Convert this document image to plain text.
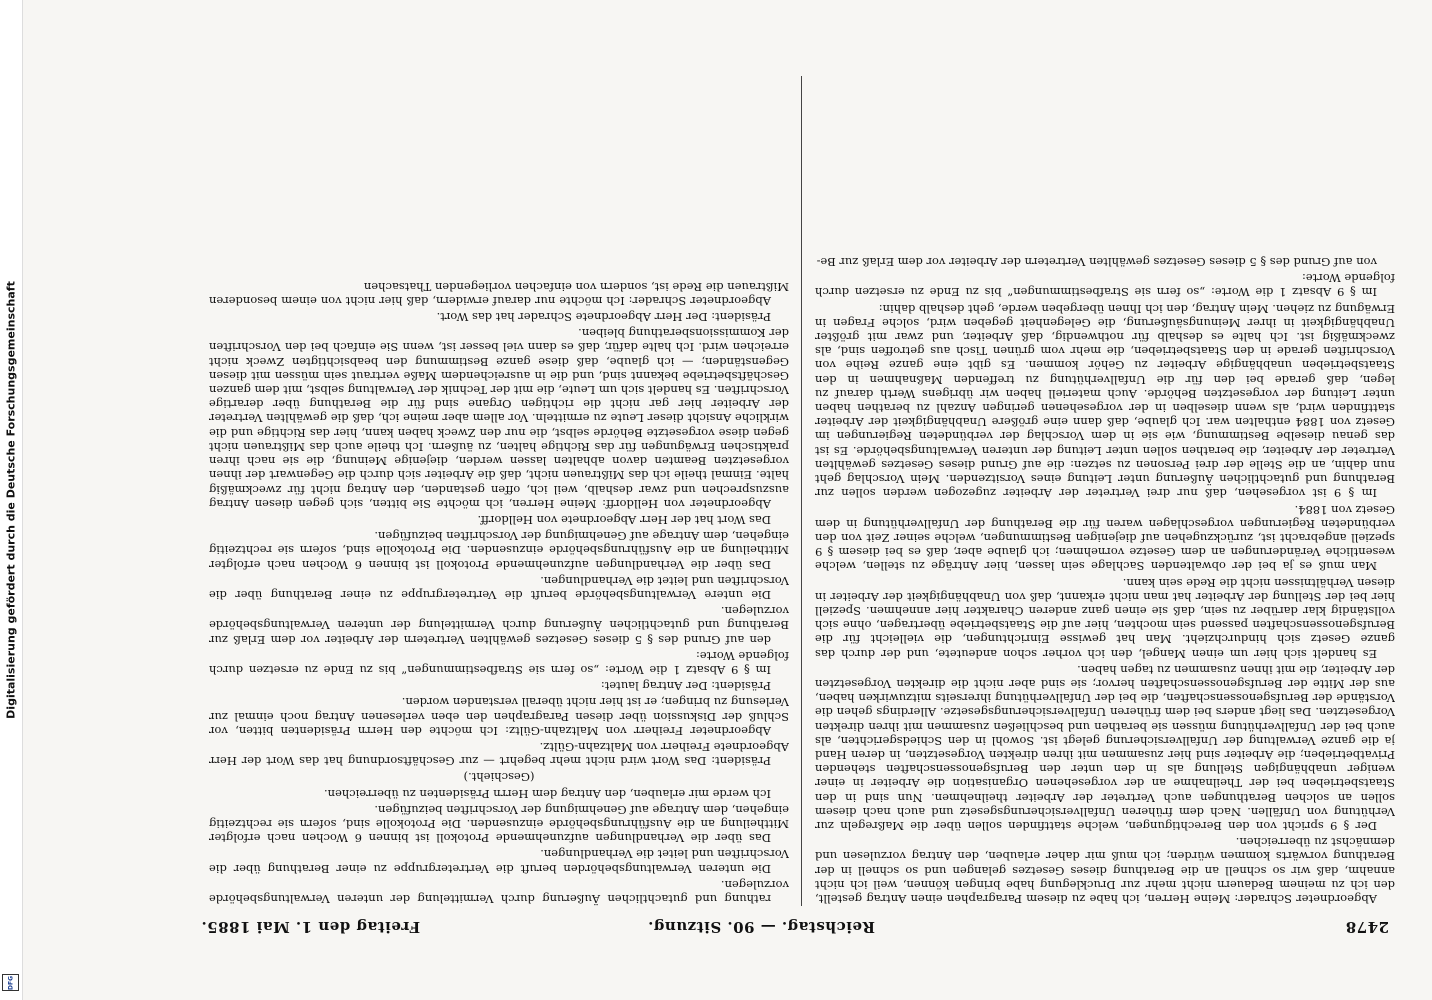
Digitalisierung gefördert durch die Deutsche Forschungsgemeinschaft
DFG
2478
Reichstag. — 90. Sitzung.
Freitag den 1. Mai 1885.

Abgeordneter Schrader: Meine Herren, ich habe zu diesem Paragraphen einen Antrag gestellt, den ich zu meinem Bedauern nicht mehr zur Drucklegung habe bringen können, weil ich nicht annahm, daß wir so schnell an die Berathung dieses Gesetzes gelangen und so schnell in der Berathung vorwärts kommen würden; ich muß mir daher erlauben, den Antrag vorzulesen und demnächst zu überreichen.

Der § 9 spricht von den Berechtigungen, welche stattfinden sollen über die Maßregeln zur Verhütung von Unfällen. Nach dem früheren Unfallversicherungsgesetz und auch nach diesem sollen an solchen Berathungen auch Vertreter der Arbeiter theilnehmen. Nun sind in den Staatsbetrieben bei der Theilnahme an der vorgesehenen Organisation die Arbeiter in einer weniger unabhängigen Stellung als in den unter den Berufsgenossenschaften stehenden Privatbetrieben; die Arbeiter sind hier zusammen mit ihren direkten Vorgesetzten, in deren Hand ja die ganze Verwaltung der Unfallversicherung gelegt ist. Sowohl in den Schiedsgerichten, als auch bei der Unfallverhütung müssen sie berathen und beschließen zusammen mit ihren direkten Vorgesetzten. Das liegt anders bei dem früheren Unfallversicherungsgesetze. Allerdings gehen die Vorstände der Berufsgenossenschaften, die bei der Unfallverhütung ihrerseits mitzuwirken haben, aus der Mitte der Berufsgenossenschaften hervor; sie sind aber nicht die direkten Vorgesetzten der Arbeiter, die mit ihnen zusammen zu tagen haben.

Es handelt sich hier um einen Mangel, den ich vorher schon andeutete, und der durch das ganze Gesetz sich hindurchzieht. Man hat gewisse Einrichtungen, die vielleicht für die Berufsgenossenschaften passend sein mochten, hier auf die Staatsbetriebe übertragen, ohne sich vollständig klar darüber zu sein, daß sie einen ganz anderen Charakter hier annehmen. Speziell hier bei der Stellung der Arbeiter hat man nicht erkannt, daß von Unabhängigkeit der Arbeiter in diesen Verhältnissen nicht die Rede sein kann.

Man muß es ja bei der obwaltenden Sachlage sein lassen, hier Anträge zu stellen, welche wesentliche Veränderungen an dem Gesetze vornehmen; ich glaube aber, daß es bei diesem § 9 speziell angebracht ist, zurückzugehen auf diejenigen Bestimmungen, welche seiner Zeit von den verbündeten Regierungen vorgeschlagen waren für die Berathung der Unfallverhütung in dem Gesetz von 1884.

Im § 9 ist vorgesehen, daß nur drei Vertreter der Arbeiter zugezogen werden sollen zur Berathung und gutachtlichen Äußerung unter Leitung eines Vorsitzenden. Mein Vorschlag geht nun dahin, an die Stelle der drei Personen zu setzen: die auf Grund dieses Gesetzes gewählten Vertreter der Arbeiter, die berathen sollen unter Leitung der unteren Verwaltungsbehörde. Es ist das genau dieselbe Bestimmung, wie sie in dem Vorschlag der verbündeten Regierungen im Gesetz von 1884 enthalten war. Ich glaube, daß dann eine größere Unabhängigkeit der Arbeiter stattfinden wird, als wenn dieselben in der vorgesehenen geringen Anzahl zu berathen haben unter Leitung der vorgesetzten Behörde. Auch materiell haben wir übrigens Werth darauf zu legen, daß gerade bei den für die Unfallverhütung zu treffenden Maßnahmen in den Staatsbetrieben unabhängige Arbeiter zu Gehör kommen. Es gibt eine ganze Reihe von Vorschriften gerade in den Staatsbetrieben, die mehr vom grünen Tisch aus getroffen sind, als zweckmäßig ist. Ich halte es deshalb für nothwendig, daß Arbeiter, und zwar mit größter Unabhängigkeit in ihrer Meinungsäußerung, die Gelegenheit gegeben wird, solche Fragen in Erwägung zu ziehen. Mein Antrag, den ich Ihnen übergeben werde, geht deshalb dahin:

Im § 9 Absatz 1 die Worte: „so fern sie Strafbestimmungen“ bis zu Ende zu ersetzen durch folgende Worte:

von auf Grund des § 5 dieses Gesetzes gewählten Vertretern der Arbeiter vor dem Erlaß zur Be-

rathung und gutachtlichen Äußerung durch Vermittelung der unteren Verwaltungsbehörde vorzulegen.

Die unteren Verwaltungsbehörden beruft die Vertretergruppe zu einer Berathung über die Vorschriften und leitet die Verhandlungen.

Das über die Verhandlungen aufzunehmende Protokoll ist binnen 6 Wochen nach erfolgter Mittheilung an die Ausführungsbehörde einzusenden. Die Protokolle sind, sofern sie rechtzeitig eingehen, dem Antrage auf Genehmigung der Vorschriften beizufügen.

Ich werde mir erlauben, den Antrag dem Herrn Präsidenten zu überreichen.

(Geschieht.)

Präsident: Das Wort wird nicht mehr begehrt — zur Geschäftsordnung hat das Wort der Herr Abgeordnete Freiherr von Maltzahn-Gültz.

Abgeordneter Freiherr von Maltzahn-Gültz: Ich möchte den Herrn Präsidenten bitten, vor Schluß der Diskussion über diesen Paragraphen den eben verlesenen Antrag noch einmal zur Verlesung zu bringen; er ist hier nicht überall verstanden worden.

Präsident: Der Antrag lautet:

Im § 9 Absatz 1 die Worte: „so fern sie Strafbestimmungen“ bis zu Ende zu ersetzen durch folgende Worte:

den auf Grund des § 5 dieses Gesetzes gewählten Vertretern der Arbeiter vor dem Erlaß zur Berathung und gutachtlichen Äußerung durch Vermittelung der unteren Verwaltungsbehörde vorzulegen.

Die untere Verwaltungsbehörde beruft die Vertretergruppe zu einer Berathung über die Vorschriften und leitet die Verhandlungen.

Das über die Verhandlungen aufzunehmende Protokoll ist binnen 6 Wochen nach erfolgter Mittheilung an die Ausführungsbehörde einzusenden. Die Protokolle sind, sofern sie rechtzeitig eingehen, dem Antrage auf Genehmigung der Vorschriften beizufügen.

Das Wort hat der Herr Abgeordnete von Helldorff.

Abgeordneter von Helldorff: Meine Herren, ich möchte Sie bitten, sich gegen diesen Antrag auszusprechen und zwar deshalb, weil ich, offen gestanden, den Antrag nicht für zweckmäßig halte. Einmal theile ich das Mißtrauen nicht, daß die Arbeiter sich durch die Gegenwart der ihnen vorgesetzten Beamten davon abhalten lassen werden, diejenige Meinung, die sie nach ihren praktischen Erwägungen für das Richtige halten, zu äußern. Ich theile auch das Mißtrauen nicht gegen diese vorgesetzte Behörde selbst, die nur den Zweck haben kann, hier das Richtige und die wirkliche Ansicht dieser Leute zu ermitteln. Vor allem aber meine ich, daß die gewählten Vertreter der Arbeiter hier gar nicht die richtigen Organe sind für die Berathung über derartige Vorschriften. Es handelt sich um Leute, die mit der Technik der Verwaltung selbst, mit dem ganzen Geschäftsbetriebe bekannt sind, und die in ausreichendem Maße vertraut sein müssen mit diesen Gegenständen; — ich glaube, daß diese ganze Bestimmung den beabsichtigten Zweck nicht erreichen wird. Ich halte dafür, daß es dann viel besser ist, wenn Sie einfach bei den Vorschriften der Kommissionsberathung bleiben.

Präsident: Der Herr Abgeordnete Schrader hat das Wort.

Abgeordneter Schrader: Ich möchte nur darauf erwidern, daß hier nicht von einem besonderen Mißtrauen die Rede ist, sondern von einfachen vorliegenden Thatsachen
